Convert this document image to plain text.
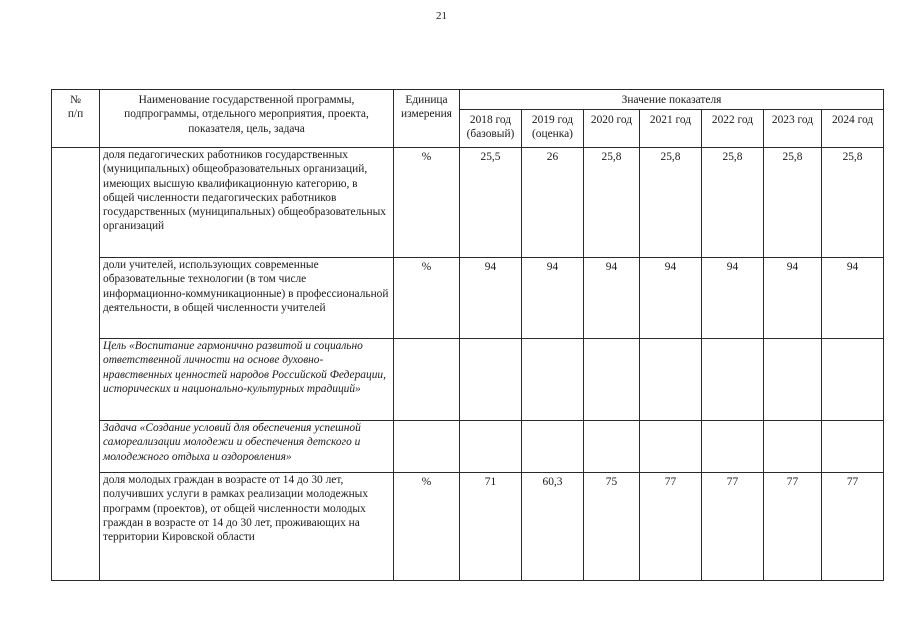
21
№
п/п	Наименование государственной программы, подпрограммы, отдельного мероприятия, проекта, показателя, цель, задача	Единица измерения	Значение показателя						
			2018 год (базовый)	2019 год (оценка)	2020 год	2021 год	2022 год	2023 год	2024 год
	доля педагогических работников государственных (муниципальных) общеобразовательных организаций, имеющих высшую квалификационную категорию, в общей численности педагогических работников государственных (муниципальных) общеобразовательных организаций	%	25,5	26	25,8	25,8	25,8	25,8	25,8
	доли учителей, использующих современные образовательные технологии (в том числе информационно-коммуникационные) в профессиональной деятельности, в общей численности учителей	%	94	94	94	94	94	94	94
	Цель «Воспитание гармонично развитой и социально ответственной личности на основе духовно-нравственных ценностей народов Российской Федерации, исторических и национально-культурных традиций»								
	Задача «Создание условий для обеспечения успешной самореализации молодежи и обеспечения детского и молодежного отдыха и оздоровления»								
	доля молодых граждан в возрасте от 14 до 30 лет, получивших услуги в рамках реализации молодежных программ (проектов), от общей численности молодых граждан в возрасте от 14 до 30 лет, проживающих на территории Кировской области	%	71	60,3	75	77	77	77	77
